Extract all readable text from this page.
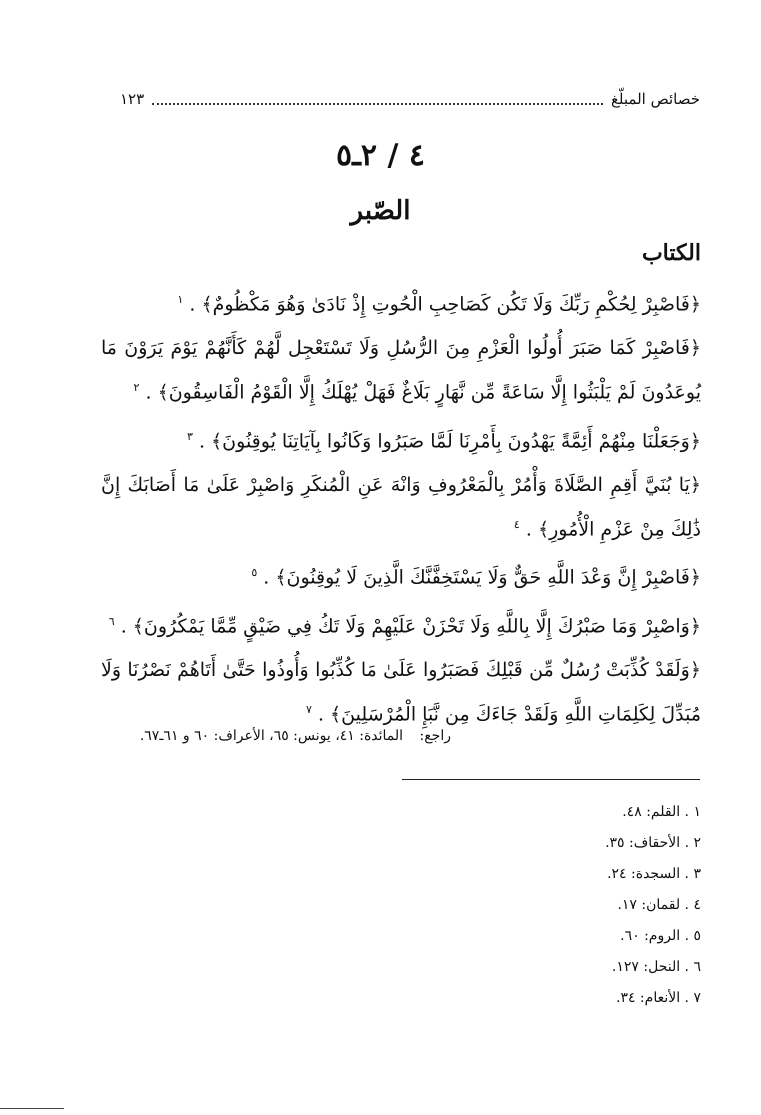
خصائص المبلّغ
١٢٣
٤ / ٢ـ٥
الصّبر
الكتاب
﴿فَاصْبِرْ لِحُكْمِ رَبِّكَ وَلَا تَكُن كَصَاحِبِ الْحُوتِ إِذْ نَادَىٰ وَهُوَ مَكْظُومٌ﴾ . $^١$
﴿فَاصْبِرْ كَمَا صَبَرَ أُولُوا الْعَزْمِ مِنَ الرُّسُلِ وَلَا تَسْتَعْجِل لَّهُمْ كَأَنَّهُمْ يَوْمَ يَرَوْنَ مَا يُوعَدُونَ لَمْ يَلْبَثُوا إِلَّا سَاعَةً مِّن نَّهَارٍ بَلَاغٌ فَهَلْ يُهْلَكُ إِلَّا الْقَوْمُ الْفَاسِقُونَ﴾ . $^٢$
﴿وَجَعَلْنَا مِنْهُمْ أَئِمَّةً يَهْدُونَ بِأَمْرِنَا لَمَّا صَبَرُوا وَكَانُوا بِآيَاتِنَا يُوقِنُونَ﴾ . $^٣$
﴿يَا بُنَيَّ أَقِمِ الصَّلَاةَ وَأْمُرْ بِالْمَعْرُوفِ وَانْهَ عَنِ الْمُنكَرِ وَاصْبِرْ عَلَىٰ مَا أَصَابَكَ إِنَّ ذَٰلِكَ مِنْ عَزْمِ الْأُمُورِ﴾ . $^٤$
﴿فَاصْبِرْ إِنَّ وَعْدَ اللَّهِ حَقٌّ وَلَا يَسْتَخِفَّنَّكَ الَّذِينَ لَا يُوقِنُونَ﴾ . $^٥$
﴿وَاصْبِرْ وَمَا صَبْرُكَ إِلَّا بِاللَّهِ وَلَا تَحْزَنْ عَلَيْهِمْ وَلَا تَكُ فِي ضَيْقٍ مِّمَّا يَمْكُرُونَ﴾ . $^٦$
﴿وَلَقَدْ كُذِّبَتْ رُسُلٌ مِّن قَبْلِكَ فَصَبَرُوا عَلَىٰ مَا كُذِّبُوا وَأُوذُوا حَتَّىٰ أَتَاهُمْ نَصْرُنَا وَلَا مُبَدِّلَ لِكَلِمَاتِ اللَّهِ وَلَقَدْ جَاءَكَ مِن نَّبَإِ الْمُرْسَلِينَ﴾ . $^٧$
راجع: المائدة: ٤١، يونس: ٦٥، الأعراف: ٦٠ و ٦١ـ٦٧.
١ . القلم: ٤٨.
٢ . الأحقاف: ٣٥.
٣ . السجدة: ٢٤.
٤ . لقمان: ١٧.
٥ . الروم: ٦٠.
٦ . النحل: ١٢٧.
٧ . الأنعام: ٣٤.
